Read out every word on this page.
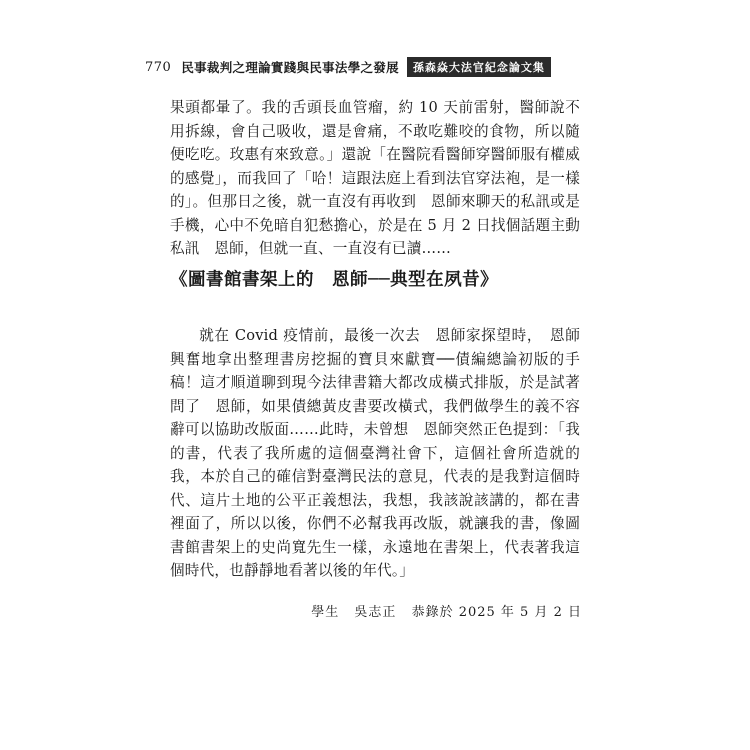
770 民事裁判之理論實踐與民事法學之發展	孫森焱大法官紀念論文集

果頭都暈了。我的舌頭長血管瘤，約 10 天前雷射，醫師說不用拆線，會自己吸收，還是會痛，不敢吃難咬的食物，所以隨便吃吃。玫惠有來致意。」還說「在醫院看醫師穿醫師服有權威的感覺」，而我回了「哈！這跟法庭上看到法官穿法袍，是一樣的」。但那日之後，就一直沒有再收到　恩師來聊天的私訊或是手機，心中不免暗自犯愁擔心，於是在 5 月 2 日找個話題主動私訊　恩師，但就一直、一直沒有已讀……

《圖書館書架上的　恩師──典型在夙昔》

就在 Covid 疫情前，最後一次去　恩師家探望時，　恩師興奮地拿出整理書房挖掘的寶貝來獻寶──債編總論初版的手稿！這才順道聊到現今法律書籍大都改成橫式排版，於是試著問了　恩師，如果債總黃皮書要改橫式，我們做學生的義不容辭可以協助改版面……此時，未曾想　恩師突然正色提到：「我的書，代表了我所處的這個臺灣社會下，這個社會所造就的我，本於自己的確信對臺灣民法的意見，代表的是我對這個時代、這片土地的公平正義想法，我想，我該說該講的，都在書裡面了，所以以後，你們不必幫我再改版，就讓我的書，像圖書館書架上的史尚寬先生一樣，永遠地在書架上，代表著我這個時代，也靜靜地看著以後的年代。」

學生 吳志正 恭錄於 2025 年 5 月 2 日
